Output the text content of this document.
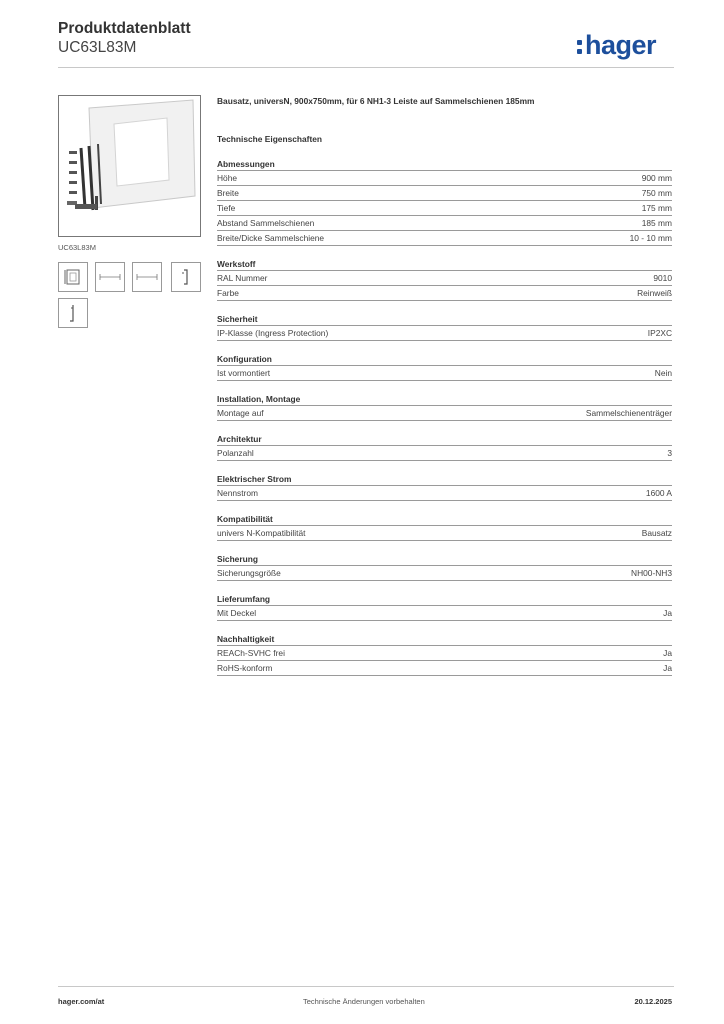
Produktdatenblatt
UC63L83M	hager
UC63L83M
Bausatz, universN, 900x750mm, für 6 NH1-3 Leiste auf Sammelschienen 185mm
Technische Eigenschaften
Abmessungen
Höhe	900 mm
Breite	750 mm
Tiefe	175 mm
Abstand Sammelschienen	185 mm
Breite/Dicke Sammelschiene	10 - 10 mm
Werkstoff
RAL Nummer	9010
Farbe	Reinweiß
Sicherheit
IP-Klasse (Ingress Protection)	IP2XC
Konfiguration
Ist vormontiert	Nein
Installation, Montage
Montage auf	Sammelschienenträger
Architektur
Polanzahl	3
Elektrischer Strom
Nennstrom	1600 A
Kompatibilität
univers N-Kompatibilität	Bausatz
Sicherung
Sicherungsgröße	NH00-NH3
Lieferumfang
Mit Deckel	Ja
Nachhaltigkeit
REACh-SVHC frei	Ja
RoHS-konform	Ja
hager.com/at	Technische Änderungen vorbehalten	20.12.2025
